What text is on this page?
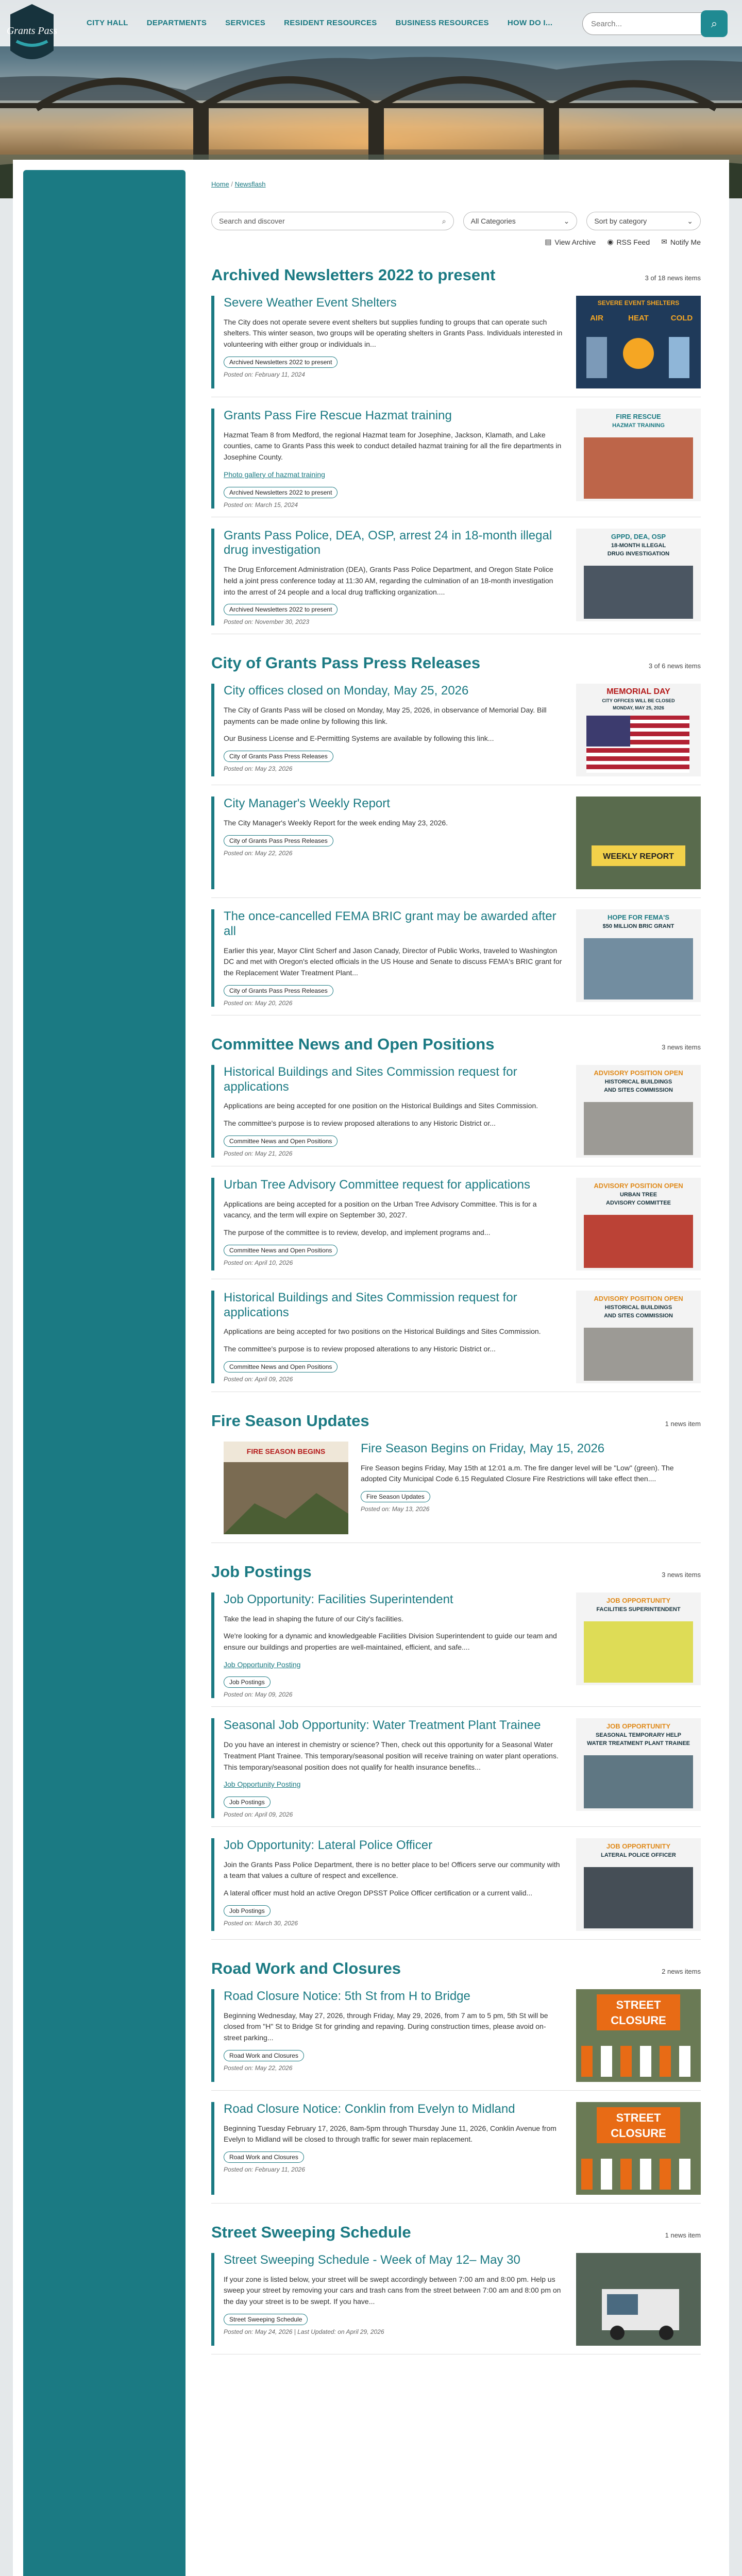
CITY HALL	DEPARTMENTS	SERVICES	RESIDENT RESOURCES	BUSINESS RESOURCES	HOW DO I...
Search...	⌕
Grants Pass
Home / Newsflash
Search and discover	⌕	All Categories	⌄	Sort by category	⌄
▤ View Archive ◉ RSS Feed ✉ Notify Me
Archived Newsletters 2022 to present	3 of 18 news items
Severe Weather Event Shelters

The City does not operate severe event shelters but supplies funding to groups that can operate such shelters. This winter season, two groups will be operating shelters in Grants Pass. Individuals interested in volunteering with either group or individuals in...

Archived Newsletters 2022 to present
Posted on: February 11, 2024
SEVERE EVENT SHELTERS
AIR	HEAT	COLD
Grants Pass Fire Rescue Hazmat training

Hazmat Team 8 from Medford, the regional Hazmat team for Josephine, Jackson, Klamath, and Lake counties, came to Grants Pass this week to conduct detailed hazmat training for all the fire departments in Josephine County.

Photo gallery of hazmat training

Archived Newsletters 2022 to present
Posted on: March 15, 2024
FIRE RESCUE
HAZMAT TRAINING
Grants Pass Police, DEA, OSP, arrest 24 in 18-month illegal drug investigation

The Drug Enforcement Administration (DEA), Grants Pass Police Department, and Oregon State Police held a joint press conference today at 11:30 AM, regarding the culmination of an 18-month investigation into the arrest of 24 people and a local drug trafficking organization....

Archived Newsletters 2022 to present
Posted on: November 30, 2023
GPPD, DEA, OSP
18-MONTH ILLEGAL
DRUG INVESTIGATION
City of Grants Pass Press Releases	3 of 6 news items
City offices closed on Monday, May 25, 2026

The City of Grants Pass will be closed on Monday, May 25, 2026, in observance of Memorial Day. Bill payments can be made online by following this link.

Our Business License and E-Permitting Systems are available by following this link...

City of Grants Pass Press Releases
Posted on: May 23, 2026
MEMORIAL DAY
CITY OFFICES WILL BE CLOSED
MONDAY, MAY 25, 2026
City Manager's Weekly Report

The City Manager's Weekly Report for the week ending May 23, 2026.

City of Grants Pass Press Releases
Posted on: May 22, 2026	WEEKLY REPORT
The once-cancelled FEMA BRIC grant may be awarded after all

Earlier this year, Mayor Clint Scherf and Jason Canady, Director of Public Works, traveled to Washington DC and met with Oregon's elected officials in the US House and Senate to discuss FEMA's BRIC grant for the Replacement Water Treatment Plant...

City of Grants Pass Press Releases
Posted on: May 20, 2026
HOPE FOR FEMA'S
$50 MILLION BRIC GRANT
Committee News and Open Positions	3 news items
Historical Buildings and Sites Commission request for applications

Applications are being accepted for one position on the Historical Buildings and Sites Commission.

The committee's purpose is to review proposed alterations to any Historic District or...

Committee News and Open Positions
Posted on: May 21, 2026
ADVISORY POSITION OPEN
HISTORICAL BUILDINGS
AND SITES COMMISSION
Urban Tree Advisory Committee request for applications

Applications are being accepted for a position on the Urban Tree Advisory Committee. This is for a vacancy, and the term will expire on September 30, 2027.

The purpose of the committee is to review, develop, and implement programs and...

Committee News and Open Positions
Posted on: April 10, 2026
ADVISORY POSITION OPEN
URBAN TREE
ADVISORY COMMITTEE
Historical Buildings and Sites Commission request for applications

Applications are being accepted for two positions on the Historical Buildings and Sites Commission.

The committee's purpose is to review proposed alterations to any Historic District or...

Committee News and Open Positions
Posted on: April 09, 2026
ADVISORY POSITION OPEN
HISTORICAL BUILDINGS
AND SITES COMMISSION
Fire Season Updates	1 news item
Fire Season Begins on Friday, May 15, 2026

Fire Season begins Friday, May 15th at 12:01 a.m. The fire danger level will be "Low" (green). The adopted City Municipal Code 6.15 Regulated Closure Fire Restrictions will take effect then....

Fire Season Updates
Posted on: May 13, 2026
FIRE SEASON BEGINS
Job Postings	3 news items
Job Opportunity: Facilities Superintendent

Take the lead in shaping the future of our City's facilities.

We're looking for a dynamic and knowledgeable Facilities Division Superintendent to guide our team and ensure our buildings and properties are well-maintained, efficient, and safe....

Job Opportunity Posting

Job Postings
Posted on: May 09, 2026
JOB OPPORTUNITY
FACILITIES SUPERINTENDENT
Seasonal Job Opportunity: Water Treatment Plant Trainee

Do you have an interest in chemistry or science? Then, check out this opportunity for a Seasonal Water Treatment Plant Trainee. This temporary/seasonal position will receive training on water plant operations. This temporary/seasonal position does not qualify for health insurance benefits...

Job Opportunity Posting

Job Postings
Posted on: April 09, 2026
JOB OPPORTUNITY
SEASONAL TEMPORARY HELP
WATER TREATMENT PLANT TRAINEE
Job Opportunity: Lateral Police Officer

Join the Grants Pass Police Department, there is no better place to be! Officers serve our community with a team that values a culture of respect and excellence.

A lateral officer must hold an active Oregon DPSST Police Officer certification or a current valid...

Job Postings
Posted on: March 30, 2026
JOB OPPORTUNITY
LATERAL POLICE OFFICER
Road Work and Closures	2 news items
Road Closure Notice: 5th St from H to Bridge

Beginning Wednesday, May 27, 2026, through Friday, May 29, 2026, from 7 am to 5 pm, 5th St will be closed from "H" St to Bridge St for grinding and repaving. During construction times, please avoid on-street parking...

Road Work and Closures
Posted on: May 22, 2026
STREET
CLOSURE
Road Closure Notice: Conklin from Evelyn to Midland

Beginning Tuesday February 17, 2026, 8am-5pm through Thursday June 11, 2026, Conklin Avenue from Evelyn to Midland will be closed to through traffic for sewer main replacement.

Road Work and Closures
Posted on: February 11, 2026
STREET
CLOSURE
Street Sweeping Schedule	1 news item
Street Sweeping Schedule - Week of May 12– May 30

If your zone is listed below, your street will be swept accordingly between 7:00 am and 8:00 pm. Help us sweep your street by removing your cars and trash cans from the street between 7:00 am and 8:00 pm on the day your street is to be swept. If you have...

Street Sweeping Schedule
Posted on: May 24, 2026 | Last Updated: on April 29, 2026
